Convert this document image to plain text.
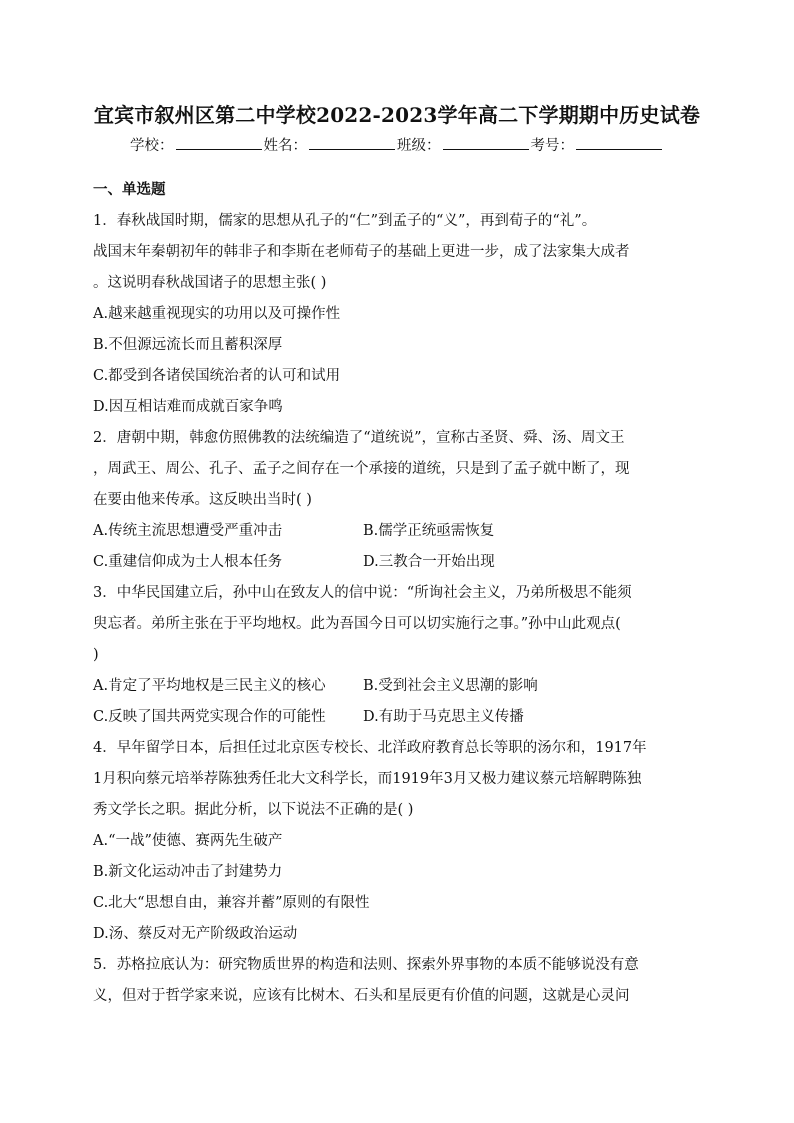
宜宾市叙州区第二中学校2022-2023学年高二下学期期中历史试卷
学校：	姓名：	班级：	考号：
一、单选题
1．春秋战国时期，儒家的思想从孔子的“仁”到孟子的“义”，再到荀子的“礼”。
战国末年秦朝初年的韩非子和李斯在老师荀子的基础上更进一步，成了法家集大成者
。这说明春秋战国诸子的思想主张( )
A.越来越重视现实的功用以及可操作性
B.不但源远流长而且蓄积深厚
C.都受到各诸侯国统治者的认可和试用
D.因互相诘难而成就百家争鸣
2．唐朝中期，韩愈仿照佛教的法统编造了“道统说”，宣称古圣贤、舜、汤、周文王
，周武王、周公、孔子、孟子之间存在一个承接的道统，只是到了孟子就中断了，现
在要由他来传承。这反映出当时( )
A.传统主流思想遭受严重冲击	B.儒学正统亟需恢复
C.重建信仰成为士人根本任务	D.三教合一开始出现
3．中华民国建立后，孙中山在致友人的信中说：“所询社会主义，乃弟所极思不能须
臾忘者。弟所主张在于平均地权。此为吾国今日可以切实施行之事。”孙中山此观点(
)
A.肯定了平均地权是三民主义的核心	B.受到社会主义思潮的影响
C.反映了国共两党实现合作的可能性	D.有助于马克思主义传播
4．早年留学日本，后担任过北京医专校长、北洋政府教育总长等职的汤尔和，1917年
1月积向蔡元培举荐陈独秀任北大文科学长，而1919年3月又极力建议蔡元培解聘陈独
秀文学长之职。据此分析，以下说法不正确的是( )
A.“一战”使德、赛两先生破产
B.新文化运动冲击了封建势力
C.北大“思想自由，兼容并蓄”原则的有限性
D.汤、蔡反对无产阶级政治运动
5．苏格拉底认为：研究物质世界的构造和法则、探索外界事物的本质不能够说没有意
义，但对于哲学家来说，应该有比树木、石头和星辰更有价值的问题，这就是心灵问
